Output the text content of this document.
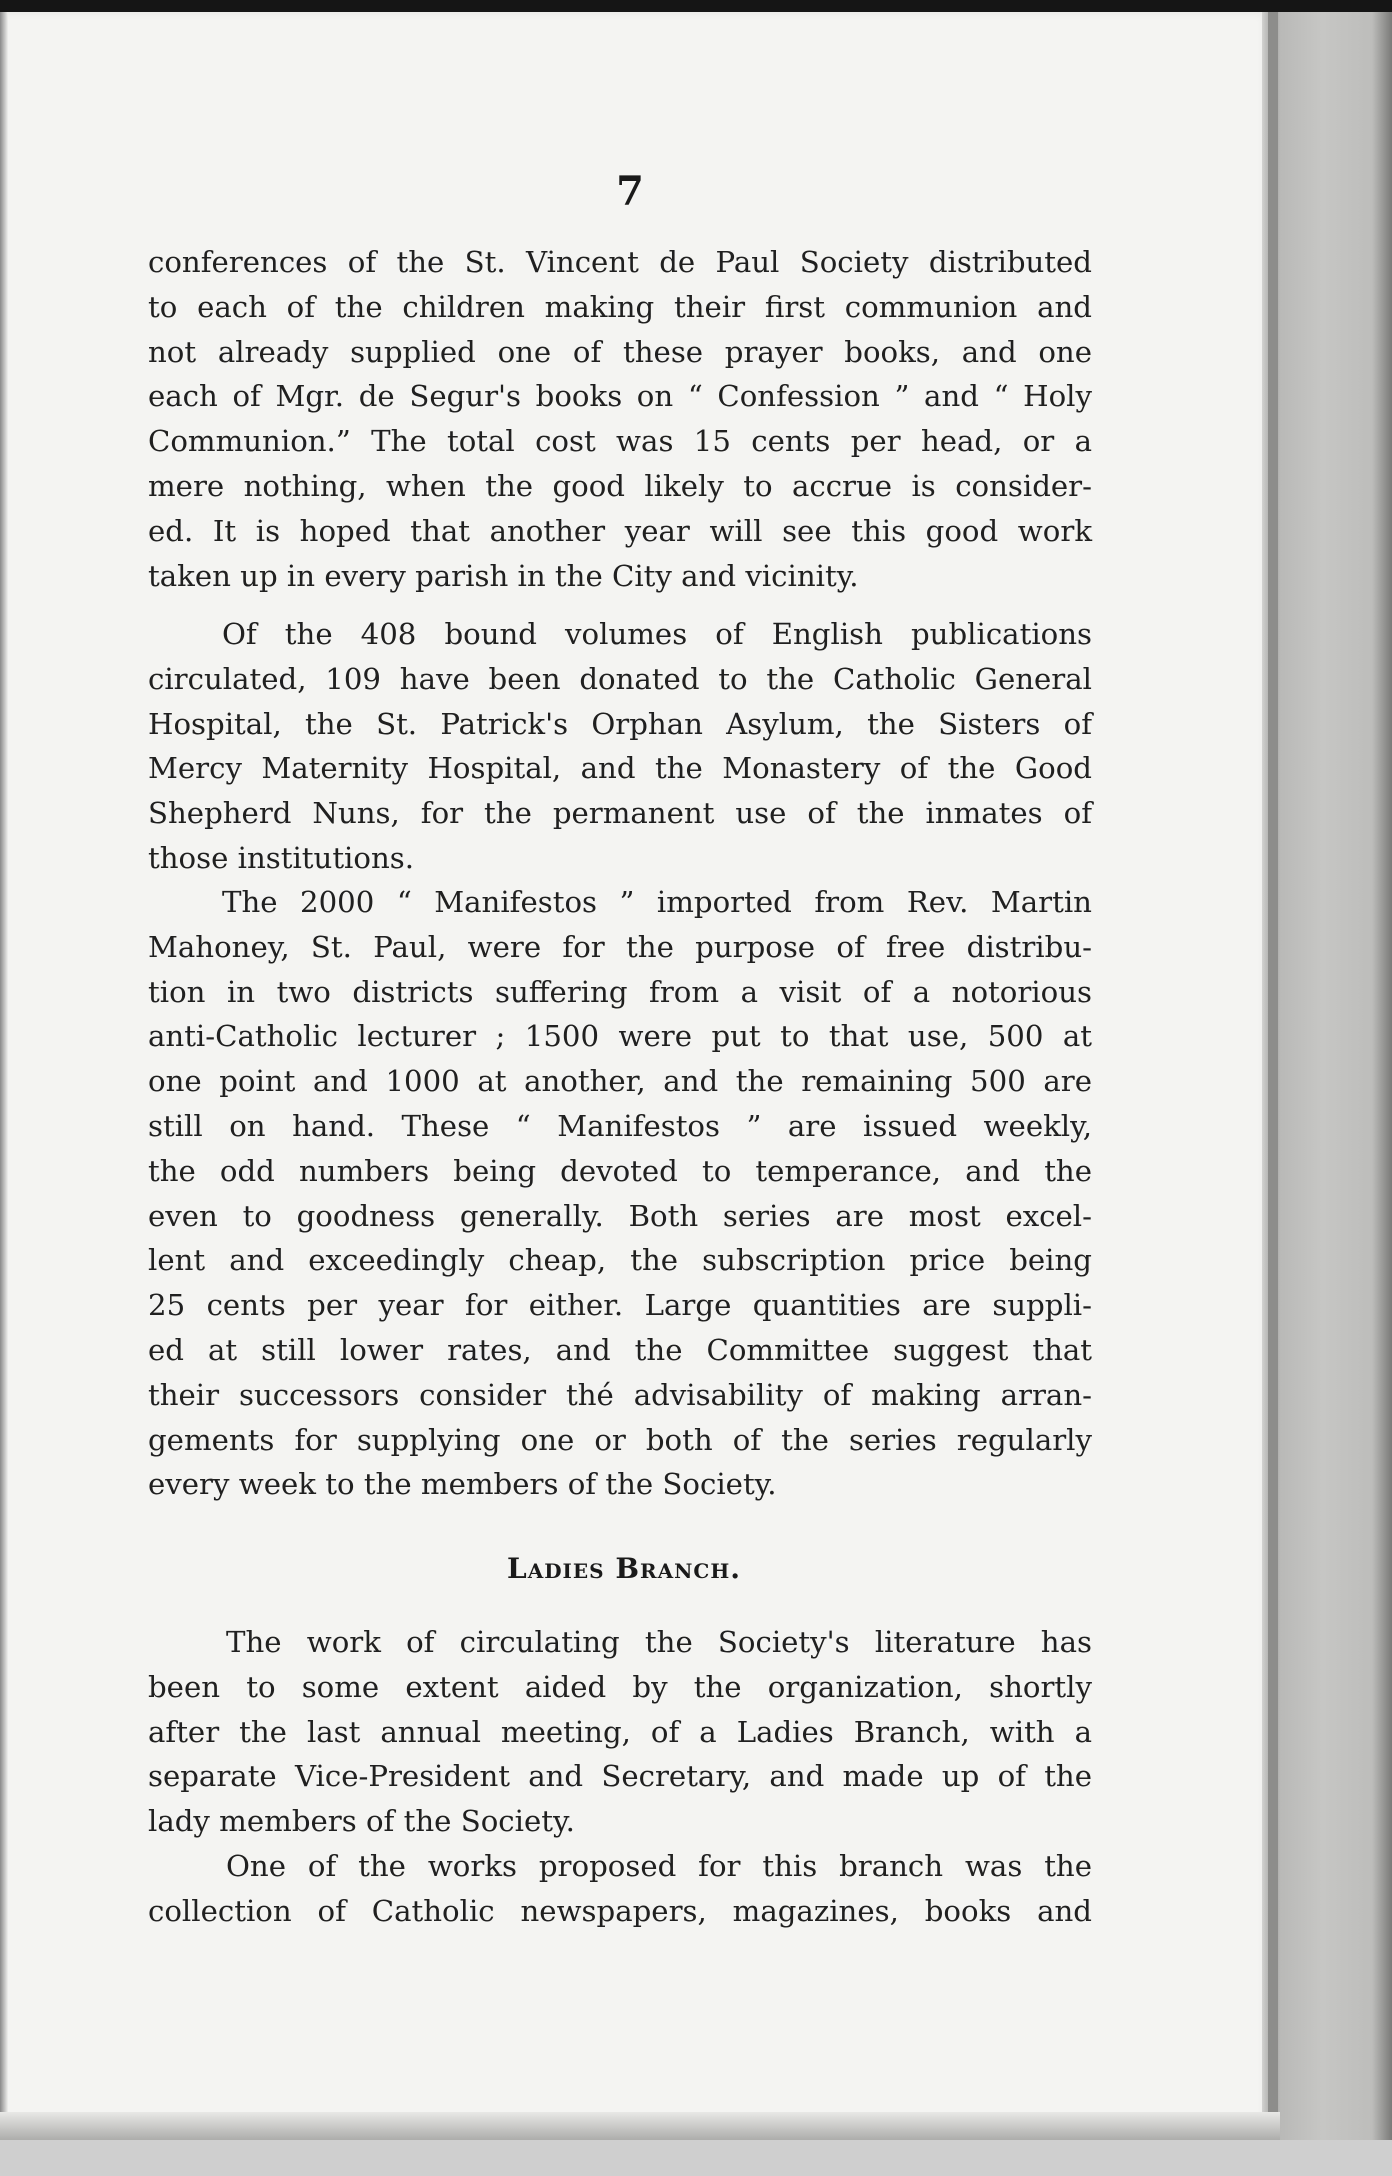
7
conferences of the St. Vincent de Paul Society distributed
to each of the children making their first communion and
not already supplied one of these prayer books, and one
each of Mgr. de Segur's books on “ Confession ” and “ Holy
Communion.” The total cost was 15 cents per head, or a
mere nothing, when the good likely to accrue is consider-
ed. It is hoped that another year will see this good work
taken up in every parish in the City and vicinity.
Of the 408 bound volumes of English publications
circulated, 109 have been donated to the Catholic General
Hospital, the St. Patrick's Orphan Asylum, the Sisters of
Mercy Maternity Hospital, and the Monastery of the Good
Shepherd Nuns, for the permanent use of the inmates of
those institutions.
The 2000 “ Manifestos ” imported from Rev. Martin
Mahoney, St. Paul, were for the purpose of free distribu-
tion in two districts suffering from a visit of a notorious
anti-Catholic lecturer ; 1500 were put to that use, 500 at
one point and 1000 at another, and the remaining 500 are
still on hand. These “ Manifestos ” are issued weekly,
the odd numbers being devoted to temperance, and the
even to goodness generally. Both series are most excel-
lent and exceedingly cheap, the subscription price being
25 cents per year for either. Large quantities are suppli-
ed at still lower rates, and the Committee suggest that
their successors consider thé advisability of making arran-
gements for supplying one or both of the series regularly
every week to the members of the Society.
Ladies Branch.
The work of circulating the Society's literature has
been to some extent aided by the organization, shortly
after the last annual meeting, of a Ladies Branch, with a
separate Vice-President and Secretary, and made up of the
lady members of the Society.
One of the works proposed for this branch was the
collection of Catholic newspapers, magazines, books and
